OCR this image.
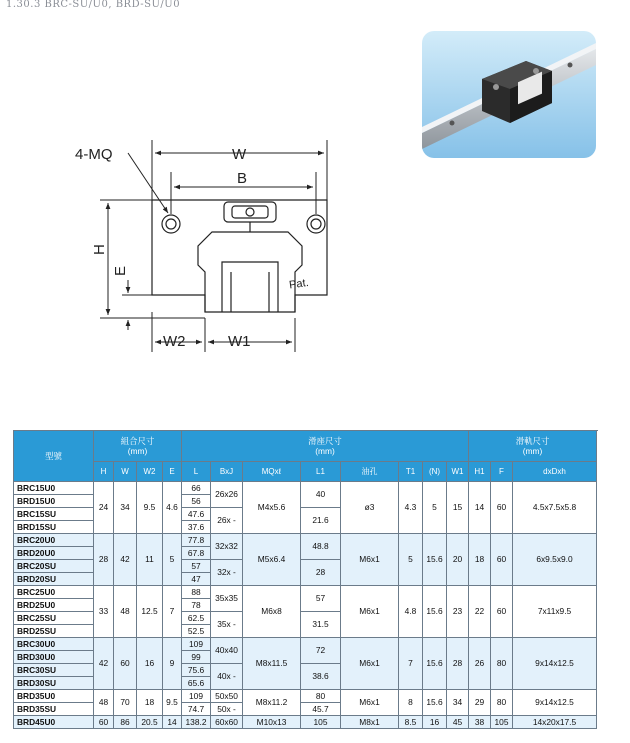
1.30.3 BRC-SU/U0, BRD-SU/U0
4-MQ	W
B
H
E
W2	W1
Pat.
型號	組合尺寸
(mm)				滑座尺寸
(mm)								滑軌尺寸
(mm)		

	H	W	W2	E	L	BxJ	MQxℓ	L1	油孔	T1	(N)	W1	H1	F	dxDxh
BRC15U0	24	34	9.5	4.6	66	26x26	M4x5.6	40	ø3	4.3	5	15	14	60	4.5x7.5x5.8
BRD15U0					56										
BRC15SU					47.6	26x -		21.6							
BRD15SU					37.6										
BRC20U0	28	42	11	5	77.8	32x32	M5x6.4	48.8	M6x1	5	15.6	20	18	60	6x9.5x9.0
BRD20U0					67.8										
BRC20SU					57	32x -		28							
BRD20SU					47										
BRC25U0	33	48	12.5	7	88	35x35	M6x8	57	M6x1	4.8	15.6	23	22	60	7x11x9.5
BRD25U0					78										
BRC25SU					62.5	35x -		31.5							
BRD25SU					52.5										
BRC30U0	42	60	16	9	109	40x40	M8x11.5	72	M6x1	7	15.6	28	26	80	9x14x12.5
BRD30U0					99										
BRC30SU					75.6	40x -		38.6							
BRD30SU					65.6										
BRD35U0	48	70	18	9.5	109	50x50	M8x11.2	80	M6x1	8	15.6	34	29	80	9x14x12.5
BRD35SU					74.7	50x -		45.7							
BRD45U0	60	86	20.5	14	138.2	60x60	M10x13	105	M8x1	8.5	16	45	38	105	14x20x17.5
